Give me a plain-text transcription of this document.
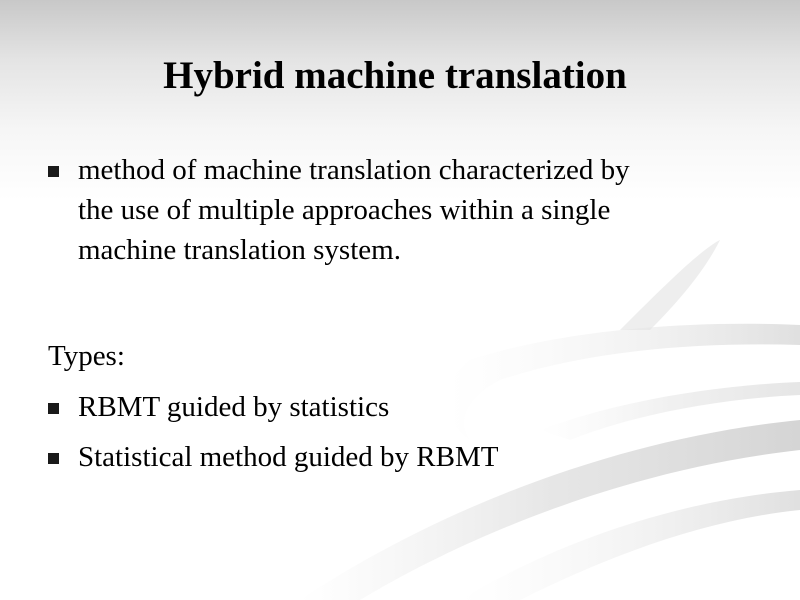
Hybrid machine translation
method of machine translation characterized by
the use of multiple approaches within a single
machine translation system.
Types:
RBMT guided by statistics
Statistical method guided by RBMT
